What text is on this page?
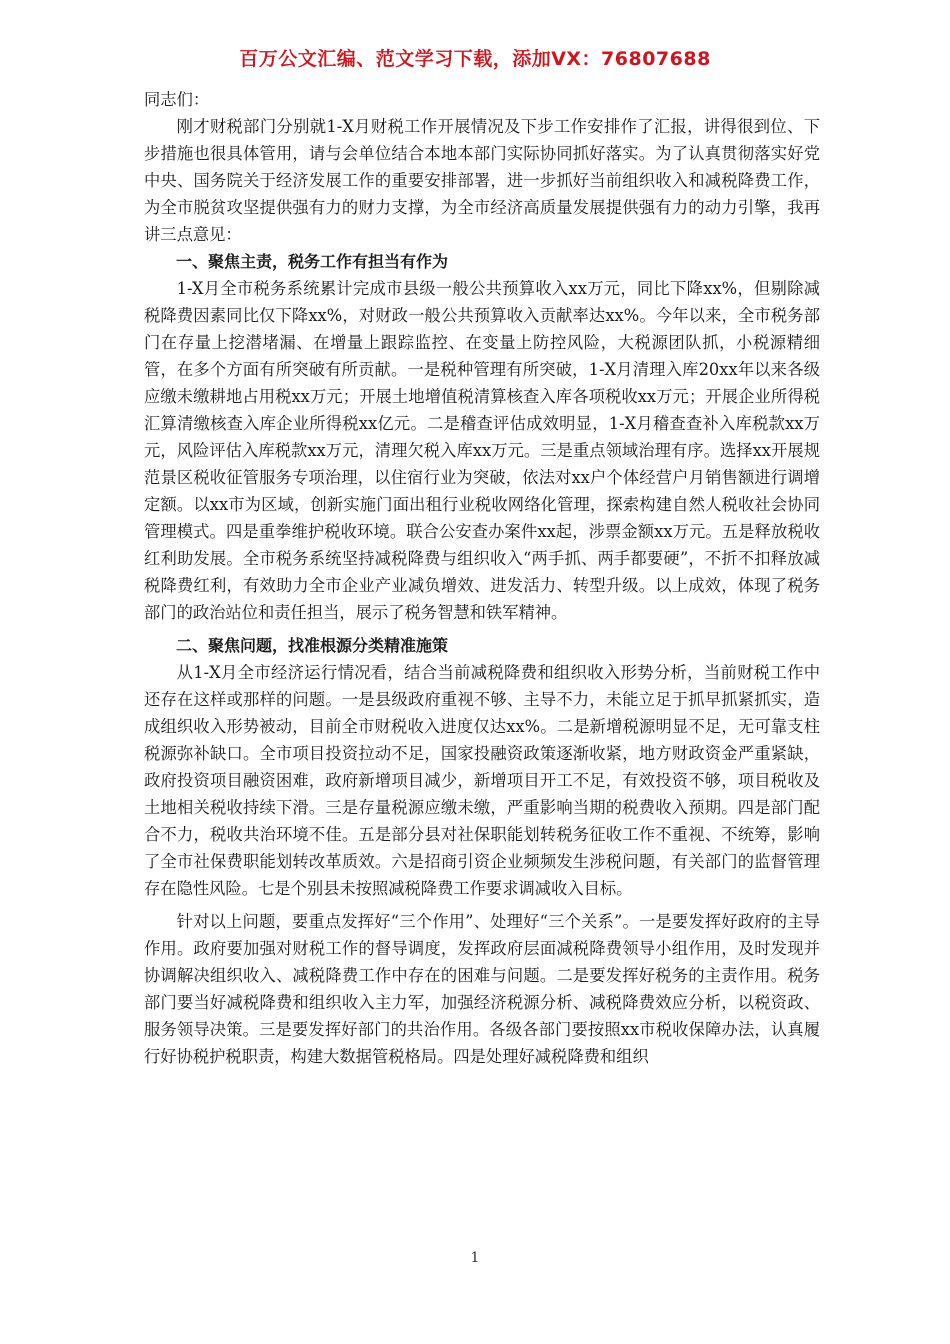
百万公文汇编、范文学习下载，添加VX：76807688

同志们：

刚才财税部门分别就1-X月财税工作开展情况及下步工作安排作了汇报，讲得很到位、下步措施也很具体管用，请与会单位结合本地本部门实际协同抓好落实。为了认真贯彻落实好党中央、国务院关于经济发展工作的重要安排部署，进一步抓好当前组织收入和减税降费工作，为全市脱贫攻坚提供强有力的财力支撑，为全市经济高质量发展提供强有力的动力引擎，我再讲三点意见：

一、聚焦主责，税务工作有担当有作为

1-X月全市税务系统累计完成市县级一般公共预算收入xx万元，同比下降xx%，但剔除减税降费因素同比仅下降xx%，对财政一般公共预算收入贡献率达xx%。今年以来，全市税务部门在存量上挖潜堵漏、在增量上跟踪监控、在变量上防控风险，大税源团队抓，小税源精细管，在多个方面有所突破有所贡献。一是税种管理有所突破，1-X月清理入库20xx年以来各级应缴未缴耕地占用税xx万元；开展土地增值税清算核查入库各项税收xx万元；开展企业所得税汇算清缴核查入库企业所得税xx亿元。二是稽查评估成效明显，1-X月稽查查补入库税款xx万元，风险评估入库税款xx万元，清理欠税入库xx万元。三是重点领域治理有序。选择xx开展规范景区税收征管服务专项治理，以住宿行业为突破，依法对xx户个体经营户月销售额进行调增定额。以xx市为区域，创新实施门面出租行业税收网络化管理，探索构建自然人税收社会协同管理模式。四是重拳维护税收环境。联合公安查办案件xx起，涉票金额xx万元。五是释放税收红利助发展。全市税务系统坚持减税降费与组织收入“两手抓、两手都要硬”，不折不扣释放减税降费红利，有效助力全市企业产业减负增效、进发活力、转型升级。以上成效，体现了税务部门的政治站位和责任担当，展示了税务智慧和铁军精神。

二、聚焦问题，找准根源分类精准施策

从1-X月全市经济运行情况看，结合当前减税降费和组织收入形势分析，当前财税工作中还存在这样或那样的问题。一是县级政府重视不够、主导不力，未能立足于抓早抓紧抓实，造成组织收入形势被动，目前全市财税收入进度仅达xx%。二是新增税源明显不足，无可靠支柱税源弥补缺口。全市项目投资拉动不足，国家投融资政策逐渐收紧，地方财政资金严重紧缺，政府投资项目融资困难，政府新增项目减少，新增项目开工不足，有效投资不够，项目税收及土地相关税收持续下滑。三是存量税源应缴未缴，严重影响当期的税费收入预期。四是部门配合不力，税收共治环境不佳。五是部分县对社保职能划转税务征收工作不重视、不统筹，影响了全市社保费职能划转改革质效。六是招商引资企业频频发生涉税问题，有关部门的监督管理存在隐性风险。七是个别县未按照减税降费工作要求调减收入目标。

针对以上问题，要重点发挥好“三个作用”、处理好“三个关系”。一是要发挥好政府的主导作用。政府要加强对财税工作的督导调度，发挥政府层面减税降费领导小组作用，及时发现并协调解决组织收入、减税降费工作中存在的困难与问题。二是要发挥好税务的主责作用。税务部门要当好减税降费和组织收入主力军，加强经济税源分析、减税降费效应分析，以税资政、服务领导决策。三是要发挥好部门的共治作用。各级各部门要按照xx市税收保障办法，认真履行好协税护税职责，构建大数据管税格局。四是处理好减税降费和组织

1
